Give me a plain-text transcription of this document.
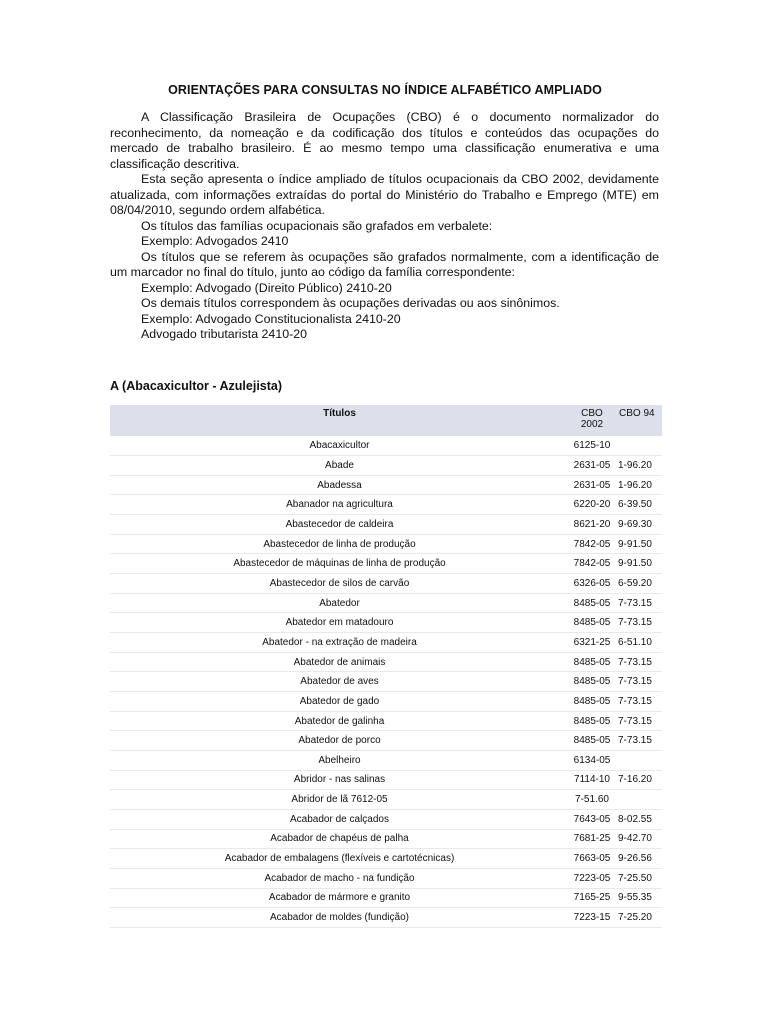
ORIENTAÇÕES PARA CONSULTAS NO ÍNDICE ALFABÉTICO AMPLIADO

A Classificação Brasileira de Ocupações (CBO) é o documento normalizador do reconhecimento, da nomeação e da codificação dos títulos e conteúdos das ocupações do mercado de trabalho brasileiro. É ao mesmo tempo uma classificação enumerativa e uma classificação descritiva.

Esta seção apresenta o índice ampliado de títulos ocupacionais da CBO 2002, devidamente atualizada, com informações extraídas do portal do Ministério do Trabalho e Emprego (MTE) em 08/04/2010, segundo ordem alfabética.

Os títulos das famílias ocupacionais são grafados em verbalete:

Exemplo: Advogados 2410

Os títulos que se referem às ocupações são grafados normalmente, com a identificação de um marcador no final do título, junto ao código da família correspondente:

Exemplo: Advogado (Direito Público) 2410-20

Os demais títulos correspondem às ocupações derivadas ou aos sinônimos.

Exemplo: Advogado Constitucionalista 2410-20

Advogado tributarista 2410-20

A (Abacaxicultor - Azulejista)
Títulos	CBO 2002	CBO 94
Abacaxicultor	6125-10	
Abade	2631-05	1-96.20
Abadessa	2631-05	1-96.20
Abanador na agricultura	6220-20	6-39.50
Abastecedor de caldeira	8621-20	9-69.30
Abastecedor de linha de produção	7842-05	9-91.50
Abastecedor de máquinas de linha de produção	7842-05	9-91.50
Abastecedor de silos de carvão	6326-05	6-59.20
Abatedor	8485-05	7-73.15
Abatedor em matadouro	8485-05	7-73.15
Abatedor - na extração de madeira	6321-25	6-51.10
Abatedor de animais	8485-05	7-73.15
Abatedor de aves	8485-05	7-73.15
Abatedor de gado	8485-05	7-73.15
Abatedor de galinha	8485-05	7-73.15
Abatedor de porco	8485-05	7-73.15
Abelheiro	6134-05	
Abridor - nas salinas	7114-10	7-16.20
Abridor de lã 7612-05	7-51.60	
Acabador de calçados	7643-05	8-02.55
Acabador de chapéus de palha	7681-25	9-42.70
Acabador de embalagens (flexíveis e cartotécnicas)	7663-05	9-26.56
Acabador de macho - na fundição	7223-05	7-25.50
Acabador de mármore e granito	7165-25	9-55.35
Acabador de moldes (fundição)	7223-15	7-25.20
